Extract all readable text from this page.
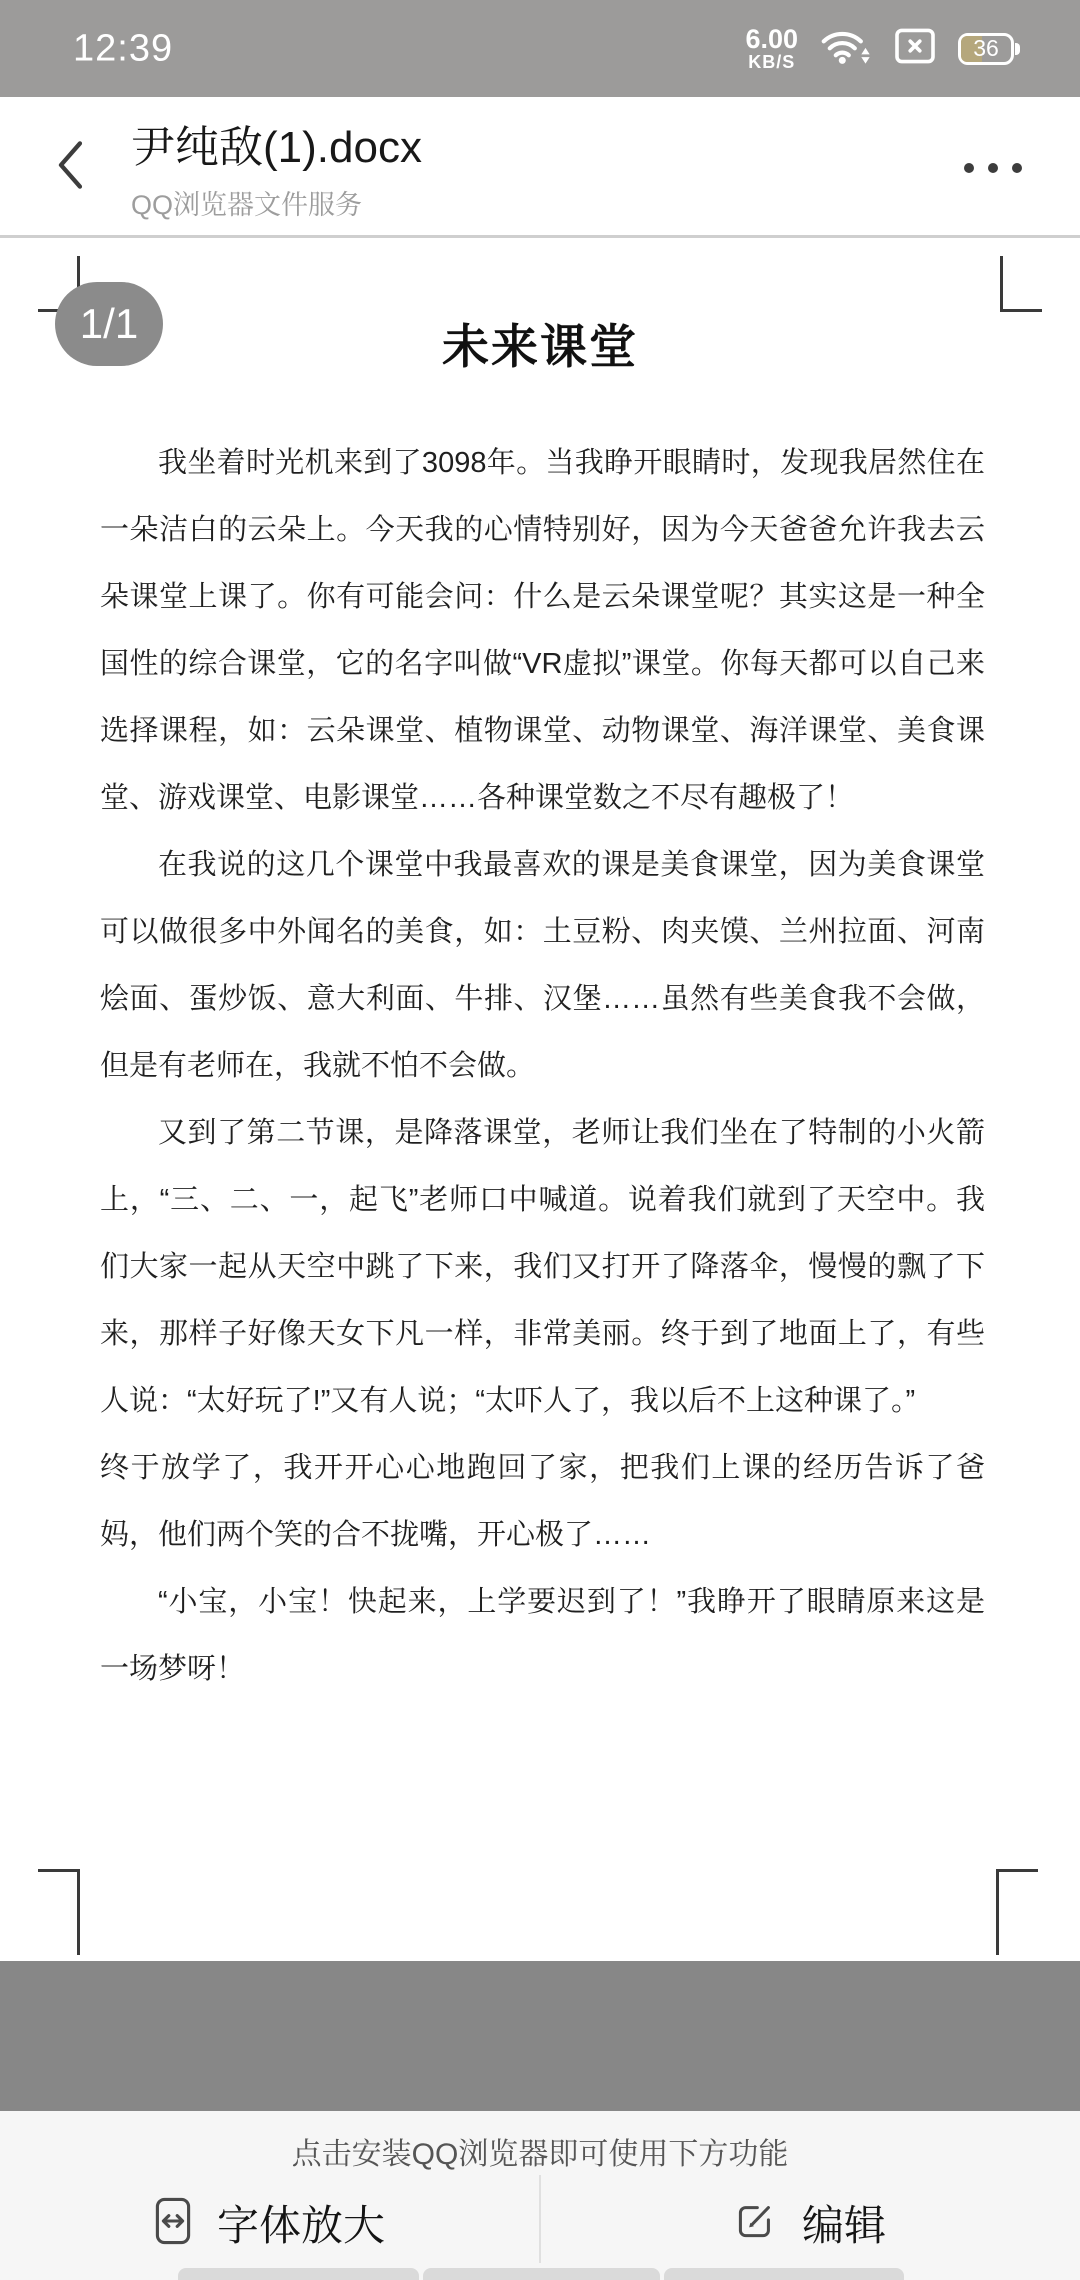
12:39	6.00
KB/S
36
尹纯敌(1).docx
QQ浏览器文件服务
1/1	未来课堂

我坐着时光机来到了3098年。当我睁开眼睛时，发现我居然住在一朵洁白的云朵上。今天我的心情特别好，因为今天爸爸允许我去云朵课堂上课了。你有可能会问：什么是云朵课堂呢？其实这是一种全国性的综合课堂，它的名字叫做“VR虚拟”课堂。你每天都可以自己来选择课程，如：云朵课堂、植物课堂、动物课堂、海洋课堂、美食课堂、游戏课堂、电影课堂……各种课堂数之不尽有趣极了！

在我说的这几个课堂中我最喜欢的课是美食课堂，因为美食课堂可以做很多中外闻名的美食，如：土豆粉、肉夹馍、兰州拉面、河南烩面、蛋炒饭、意大利面、牛排、汉堡……虽然有些美食我不会做，但是有老师在，我就不怕不会做。

又到了第二节课，是降落课堂，老师让我们坐在了特制的小火箭上，“三、二、一，起飞”老师口中喊道。说着我们就到了天空中。我们大家一起从天空中跳了下来，我们又打开了降落伞，慢慢的飘了下来，那样子好像天女下凡一样，非常美丽。终于到了地面上了，有些人说：“太好玩了!”又有人说；“太吓人了，我以后不上这种课了。”

终于放学了，我开开心心地跑回了家，把我们上课的经历告诉了爸妈，他们两个笑的合不拢嘴，开心极了……

“小宝，小宝！快起来，上学要迟到了！”我睁开了眼睛原来这是一场梦呀！

点击安装QQ浏览器即可使用下方功能
字体放大	编辑
